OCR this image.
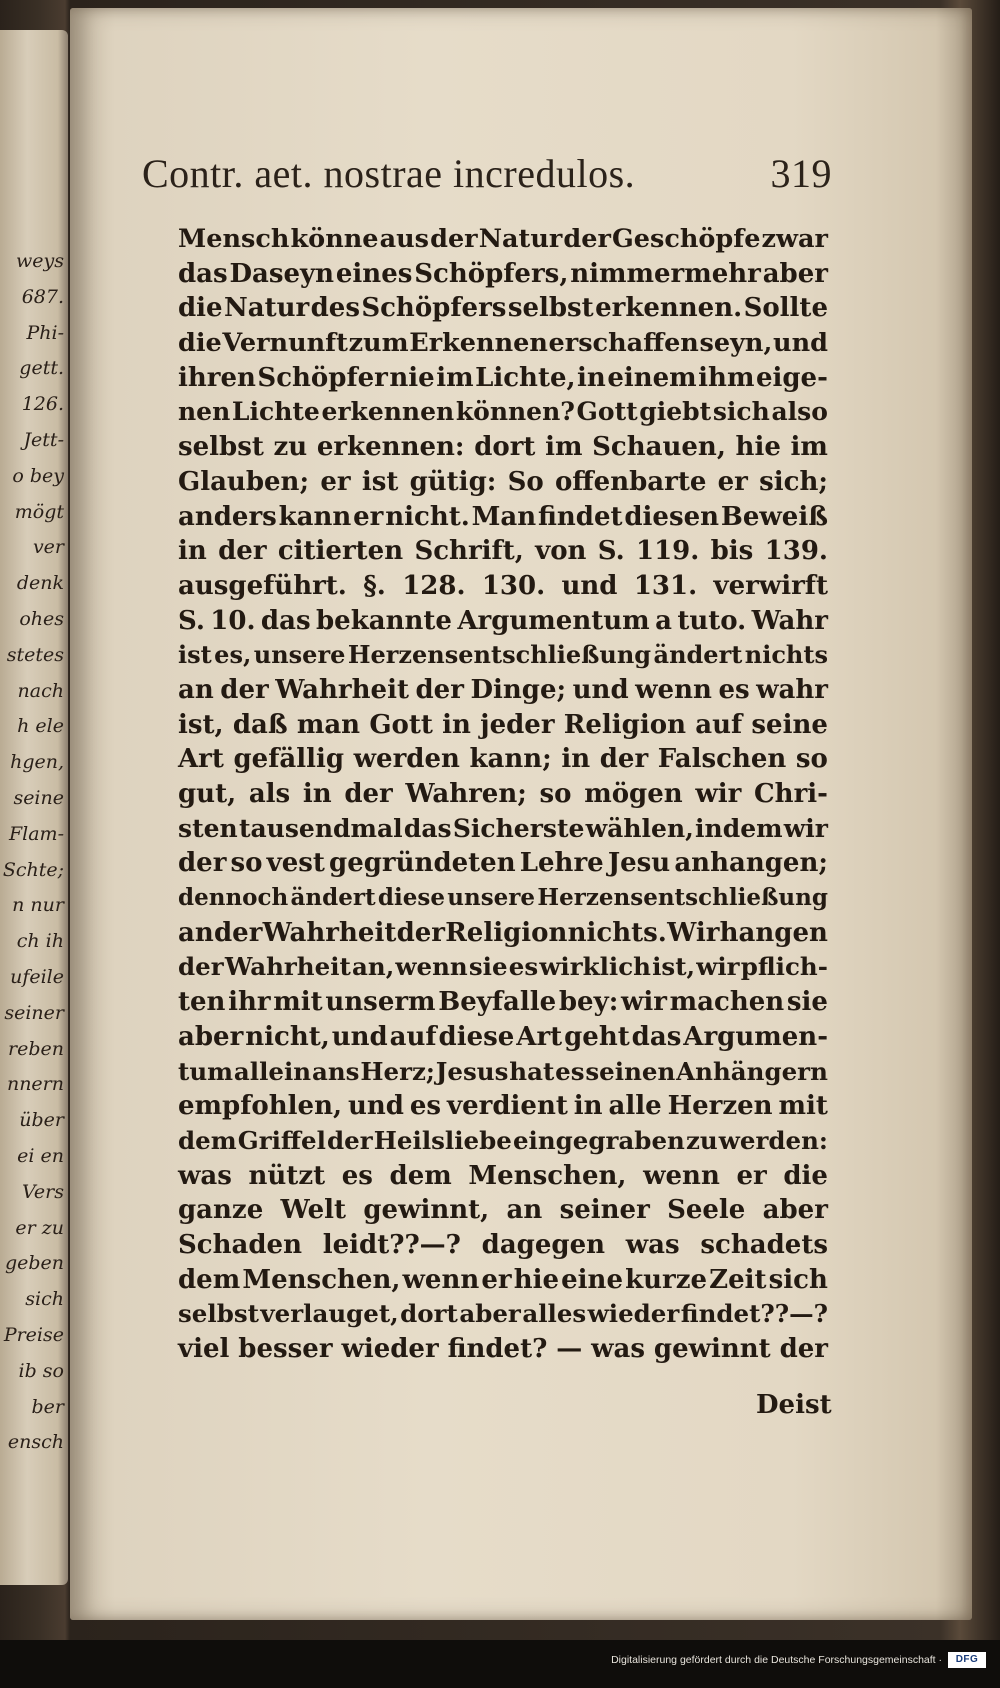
weys
687.
Phi-
gett.
126.
Jett-
o bey
mögt
ver
denk
ohes
stetes
nach
h ele
hgen,
seine
Flam-
Schte;
n nur
ch ih
ufeile
seiner
reben
nnern
über
ei en
Vers
er zu
geben
sich
Preise
ib so
ber
ensch
Contr. aet. nostrae incredulos.	319
Mensch könne aus der Natur der Geschöpfe zwar
das Daseyn eines Schöpfers, nimmermehr aber
die Natur des Schöpfers selbst erkennen. Sollte
die Vernunft zum Erkennen erschaffen seyn, und
ihren Schöpfer nie im Lichte, in einem ihm eige-
nen Lichte erkennen können? Gott giebt sich also
selbst zu erkennen: dort im Schauen, hie im
Glauben; er ist gütig: So offenbarte er sich;
anders kann er nicht. Man findet diesen Beweiß
in der citierten Schrift, von S. 119. bis 139.
ausgeführt. §. 128. 130. und 131. verwirft
S. 10. das bekannte Argumentum a tuto. Wahr
ist es, unsere Herzensentschließung ändert nichts
an der Wahrheit der Dinge; und wenn es wahr
ist, daß man Gott in jeder Religion auf seine
Art gefällig werden kann; in der Falschen so
gut, als in der Wahren; so mögen wir Chri-
sten tausendmal das Sicherste wählen, indem wir
der so vest gegründeten Lehre Jesu anhangen;
dennoch ändert diese unsere Herzensentschließung
an der Wahrheit der Religion nichts. Wir hangen
der Wahrheit an, wenn sie es wirklich ist, wir pflich-
ten ihr mit unserm Beyfalle bey: wir machen sie
aber nicht, und auf diese Art geht das Argumen-
tum allein ans Herz; Jesus hat es seinen Anhängern
empfohlen, und es verdient in alle Herzen mit
dem Griffel der Heilsliebe eingegraben zu werden:
was nützt es dem Menschen, wenn er die
ganze Welt gewinnt, an seiner Seele aber
Schaden leidt??—? dagegen was schadets
dem Menschen, wenn er hie eine kurze Zeit sich
selbst verlauget, dort aber alles wieder findet??—?
viel besser wieder findet? — was gewinnt der
Deist
Digitalisierung gefördert durch die Deutsche Forschungsgemeinschaft ·	DFG
